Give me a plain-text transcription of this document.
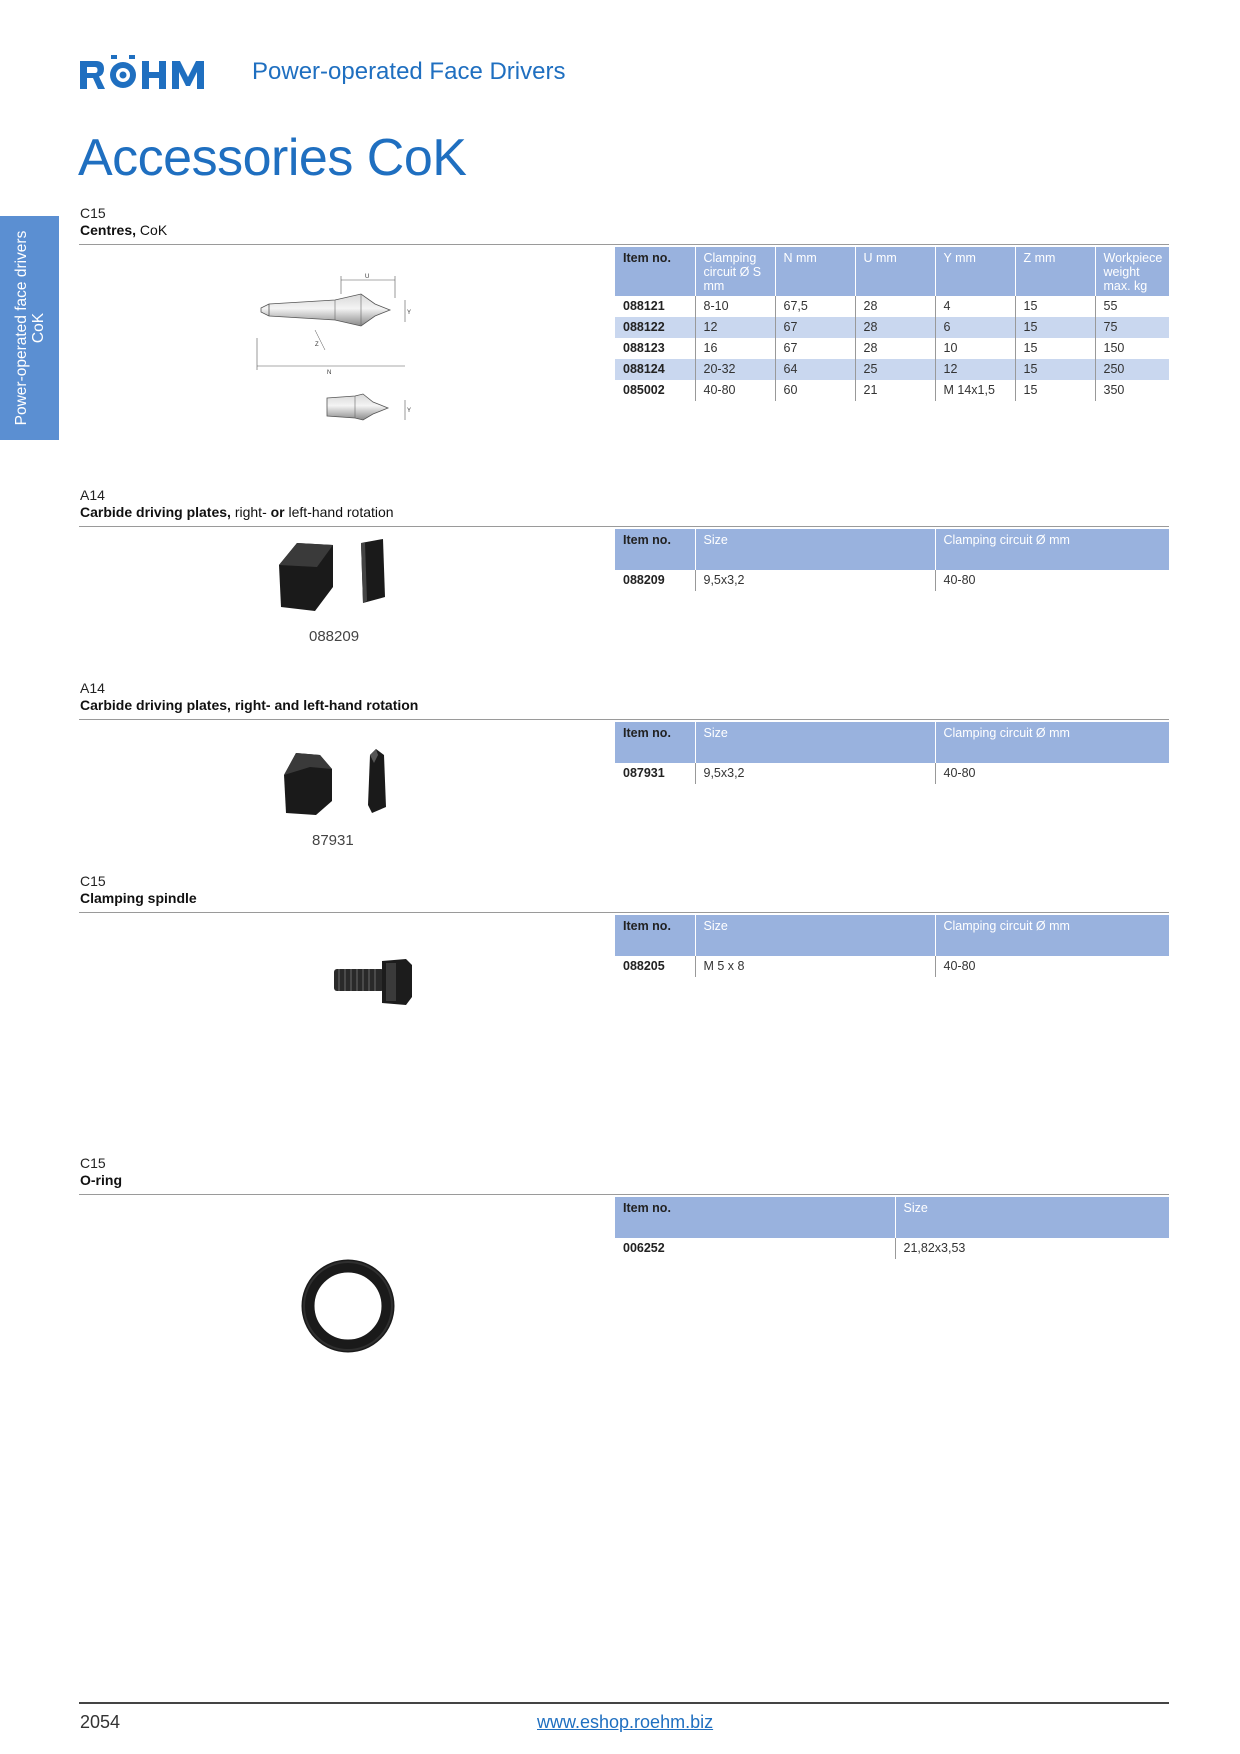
Power-operated Face Drivers
Accessories CoK
Power-operated face drivers CoK
C15
Centres, CoK
U
Y
N
Z
Y
Item no.	Clamping circuit Ø S mm	N mm	U mm	Y mm	Z mm	Workpiece weight max. kg
088121	8-10	67,5	28	4	15	55
088122	12	67	28	6	15	75
088123	16	67	28	10	15	150
088124	20-32	64	25	12	15	250
085002	40-80	60	21	M 14x1,5	15	350
A14
Carbide driving plates, right- or left-hand rotation
088209
Item no.	Size	Clamping circuit Ø mm
088209	9,5x3,2	40-80
A14
Carbide driving plates, right- and left-hand rotation
87931
Item no.	Size	Clamping circuit Ø mm
087931	9,5x3,2	40-80
C15
Clamping spindle
Item no.	Size	Clamping circuit Ø mm
088205	M 5 x 8	40-80
C15
O-ring
Item no.	Size
006252	21,82x3,53
2054	www.eshop.roehm.biz
